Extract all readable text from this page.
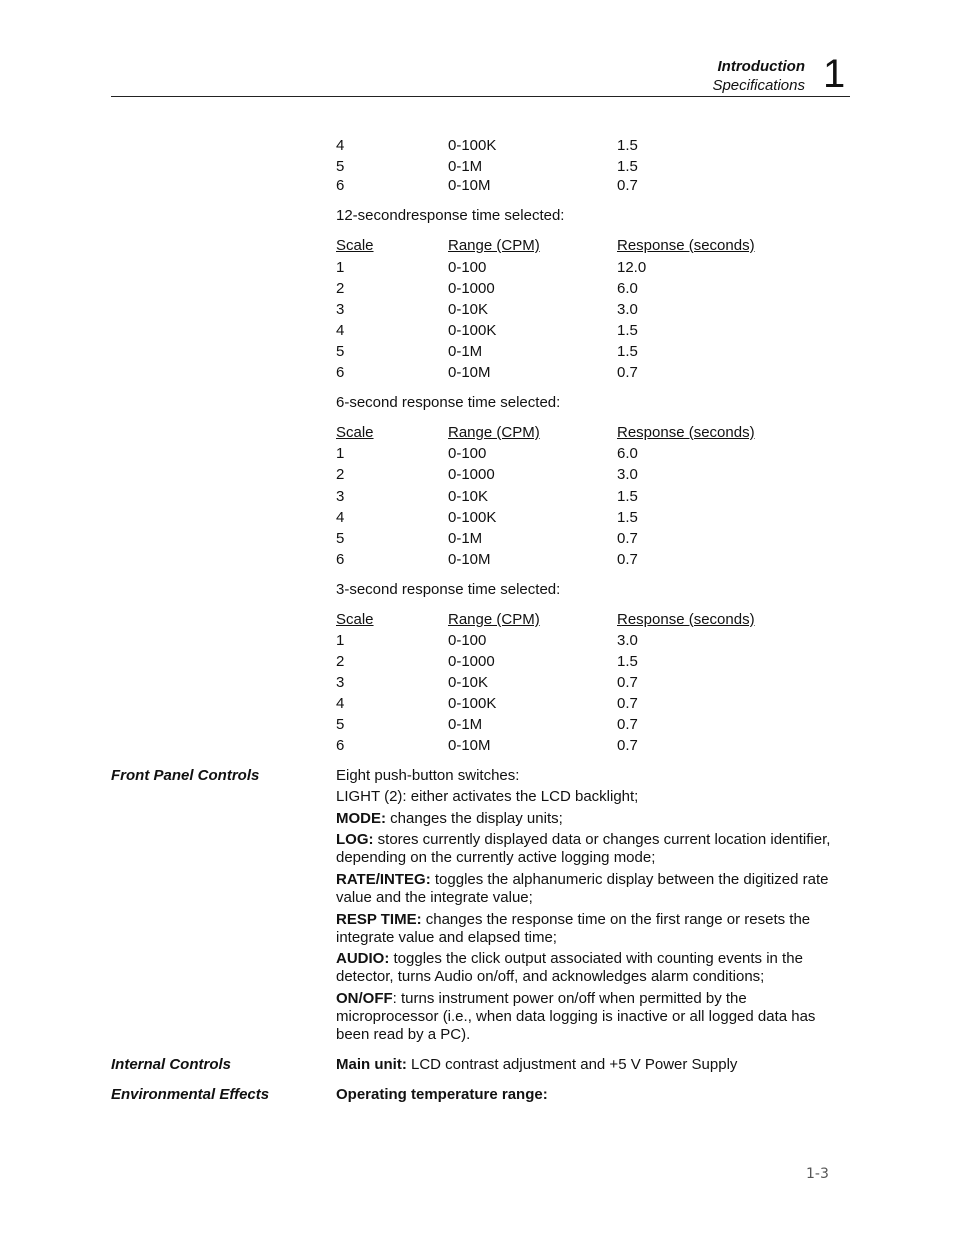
Introduction
Specifications 1
4	0-100K	1.5
5	0-1M	1.5
6	0-10M	0.7
12-secondresponse time selected:
Scale	Range (CPM)	Response (seconds)
1	0-100	12.0
2	0-1000	6.0
3	0-10K	3.0
4	0-100K	1.5
5	0-1M	1.5
6	0-10M	0.7
6-second response time selected:
Scale	Range (CPM)	Response (seconds)
1	0-100	6.0
2	0-1000	3.0
3	0-10K	1.5
4	0-100K	1.5
5	0-1M	0.7
6	0-10M	0.7
3-second response time selected:
Scale	Range (CPM)	Response (seconds)
1	0-100	3.0
2	0-1000	1.5
3	0-10K	0.7
4	0-100K	0.7
5	0-1M	0.7
6	0-10M	0.7
Front Panel Controls	Eight push-button switches:
LIGHT (2): either activates the LCD backlight;
MODE: changes the display units;
LOG: stores currently displayed data or changes current location identifier, depending on the currently active logging mode;
RATE/INTEG: toggles the alphanumeric display between the digitized rate value and the integrate value;
RESP TIME: changes the response time on the first range or resets the integrate value and elapsed time;
AUDIO: toggles the click output associated with counting events in the detector, turns Audio on/off, and acknowledges alarm conditions;
ON/OFF: turns instrument power on/off when permitted by the microprocessor (i.e., when data logging is inactive or all logged data has been read by a PC).
Internal Controls	Main unit: LCD contrast adjustment and +5 V Power Supply
Environmental Effects	Operating temperature range:
1-3
